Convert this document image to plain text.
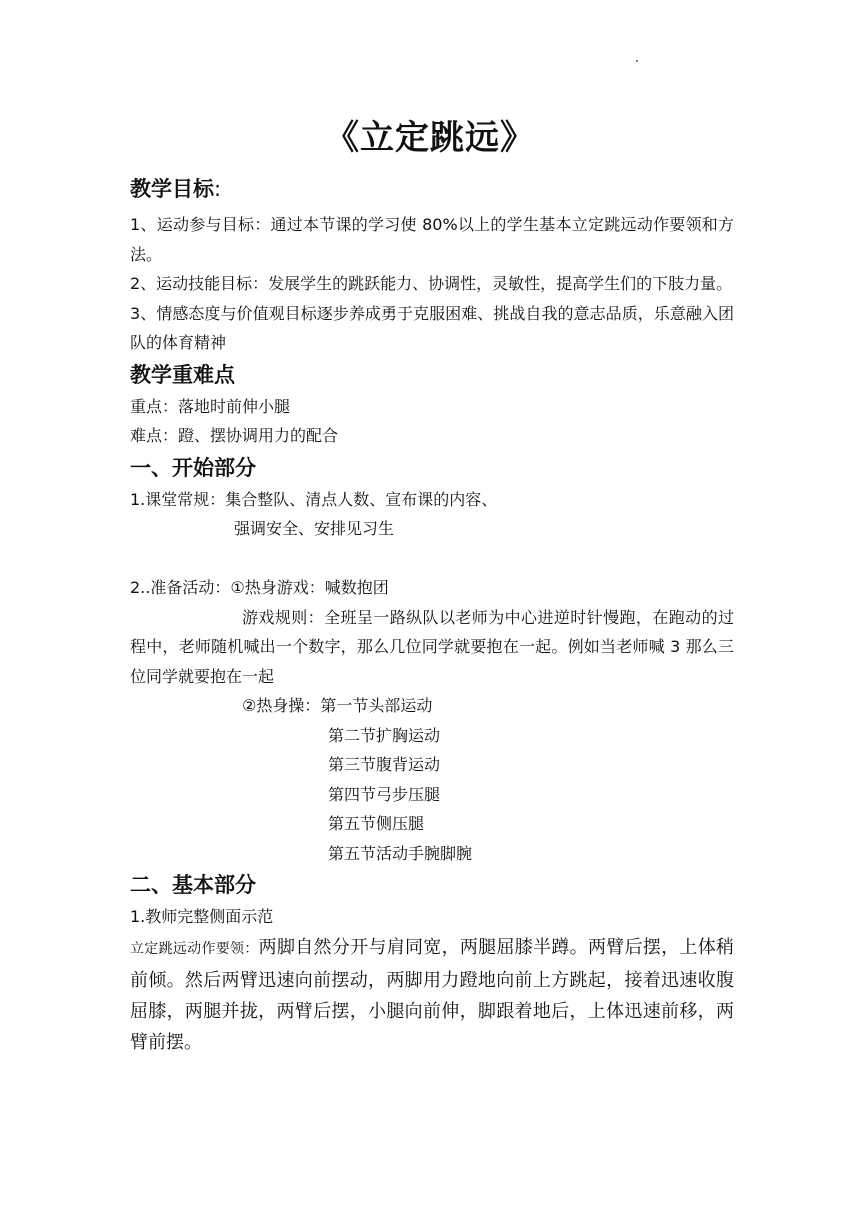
《立定跳远》

教学目标:

1、运动参与目标：通过本节课的学习使 80%以上的学生基本立定跳远动作要领和方法。

2、运动技能目标：发展学生的跳跃能力、协调性，灵敏性，提高学生们的下肢力量。

3、情感态度与价值观目标逐步养成勇于克服困难、挑战自我的意志品质，乐意融入团队的体育精神

教学重难点

重点：落地时前伸小腿

难点：蹬、摆协调用力的配合

一、开始部分

1.课堂常规：集合整队、清点人数、宣布课的内容、

强调安全、安排见习生

2..准备活动：①热身游戏：喊数抱团

游戏规则：全班呈一路纵队以老师为中心进逆时针慢跑，在跑动的过程中，老师随机喊出一个数字，那么几位同学就要抱在一起。例如当老师喊 3 那么三位同学就要抱在一起

②热身操：第一节头部运动

第二节扩胸运动

第三节腹背运动

第四节弓步压腿

第五节侧压腿

第五节活动手腕脚腕

二、基本部分

1.教师完整侧面示范

立定跳远动作要领：两脚自然分开与肩同宽，两腿屈膝半蹲。两臂后摆，上体稍前倾。然后两臂迅速向前摆动，两脚用力蹬地向前上方跳起，接着迅速收腹屈膝，两腿并拢，两臂后摆，小腿向前伸，脚跟着地后，上体迅速前移，两臂前摆。
